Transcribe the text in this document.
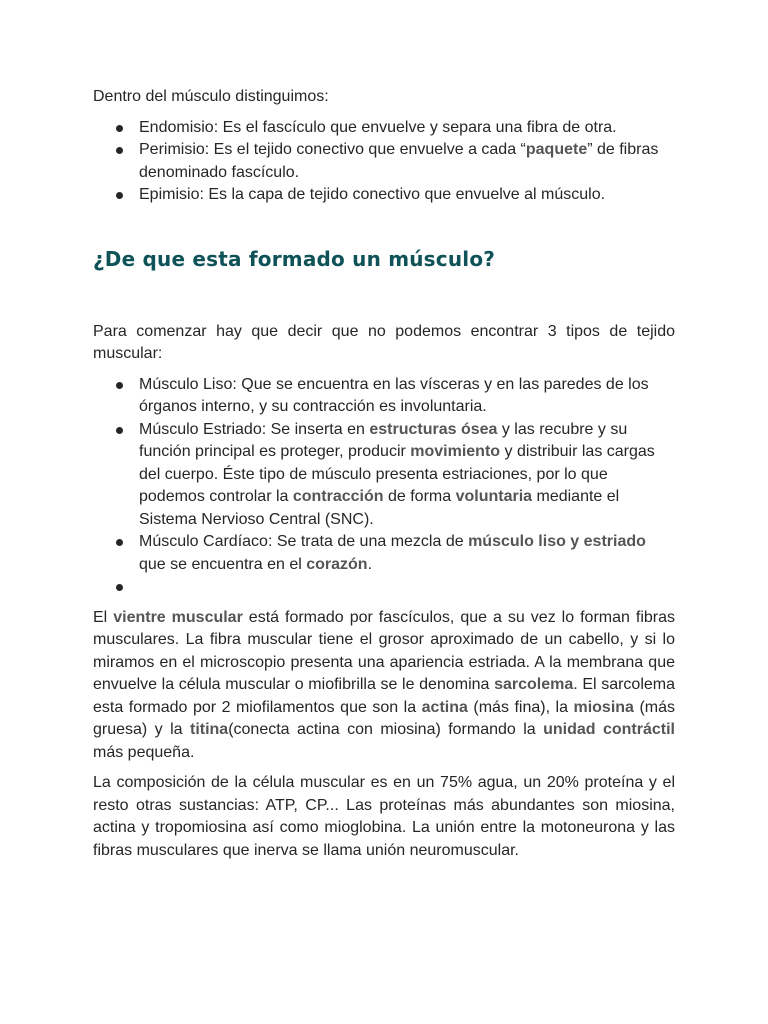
Dentro del músculo distinguimos:

Endomisio: Es el fascículo que envuelve y separa una fibra de otra.
Perimisio: Es el tejido conectivo que envuelve a cada “paquete” de fibras denominado fascículo.
Epimisio: Es la capa de tejido conectivo que envuelve al músculo.
¿De que esta formado un músculo?

Para comenzar hay que decir que no podemos encontrar 3 tipos de tejido muscular:

Músculo Liso: Que se encuentra en las vísceras y en las paredes de los órganos interno, y su contracción es involuntaria.
Músculo Estriado: Se inserta en estructuras ósea y las recubre y su función principal es proteger, producir movimiento y distribuir las cargas del cuerpo. Éste tipo de músculo presenta estriaciones, por lo que podemos controlar la contracción de forma voluntaria mediante el Sistema Nervioso Central (SNC).
Músculo Cardíaco: Se trata de una mezcla de músculo liso y estriado que se encuentra en el corazón.

El vientre muscular está formado por fascículos, que a su vez lo forman fibras musculares. La fibra muscular tiene el grosor aproximado de un cabello, y si lo miramos en el microscopio presenta una apariencia estriada. A la membrana que envuelve la célula muscular o miofibrilla se le denomina sarcolema. El sarcolema esta formado por 2 miofilamentos que son la actina (más fina), la miosina (más gruesa) y la titina(conecta actina con miosina) formando la unidad contráctil más pequeña.

La composición de la célula muscular es en un 75% agua, un 20% proteína y el resto otras sustancias: ATP, CP... Las proteínas más abundantes son miosina, actina y tropomiosina así como mioglobina. La unión entre la motoneurona y las fibras musculares que inerva se llama unión neuromuscular.
